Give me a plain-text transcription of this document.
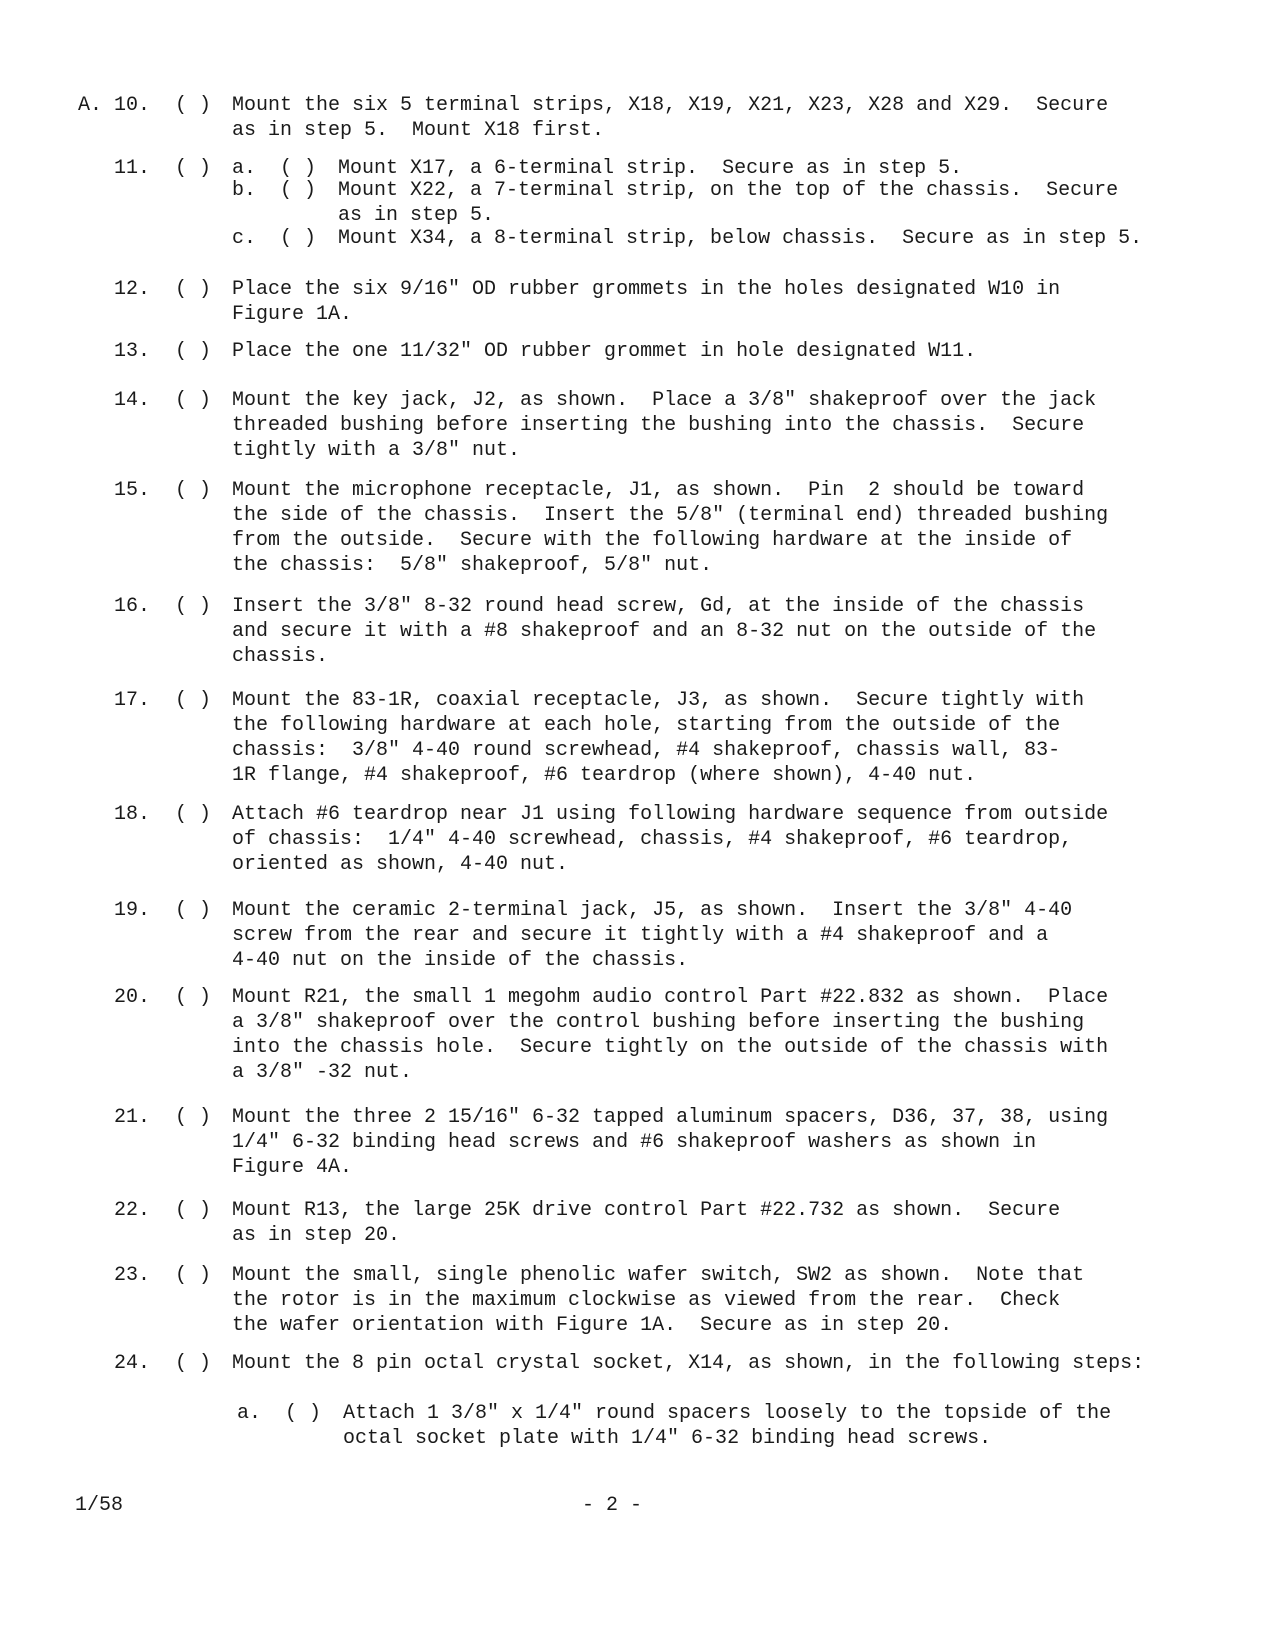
A. 10. ( ) Mount the six 5 terminal strips, X18, X19, X21, X23, X28 and X29.  Secure
as in step 5.  Mount X18 first.
11. ( ) a. ( ) Mount X17, a 6-terminal strip.  Secure as in step 5.
b. ( ) Mount X22, a 7-terminal strip, on the top of the chassis.  Secure
as in step 5.
c. ( ) Mount X34, a 8-terminal strip, below chassis.  Secure as in step 5.
12. ( ) Place the six 9/16" OD rubber grommets in the holes designated W10 in
Figure 1A.
13. ( ) Place the one 11/32" OD rubber grommet in hole designated W11.
14. ( ) Mount the key jack, J2, as shown.  Place a 3/8" shakeproof over the jack
threaded bushing before inserting the bushing into the chassis.  Secure
tightly with a 3/8" nut.
15. ( ) Mount the microphone receptacle, J1, as shown.  Pin  2 should be toward
the side of the chassis.  Insert the 5/8" (terminal end) threaded bushing
from the outside.  Secure with the following hardware at the inside of
the chassis:  5/8" shakeproof, 5/8" nut.
16. ( ) Insert the 3/8" 8-32 round head screw, Gd, at the inside of the chassis
and secure it with a #8 shakeproof and an 8-32 nut on the outside of the
chassis.
17. ( ) Mount the 83-1R, coaxial receptacle, J3, as shown.  Secure tightly with
the following hardware at each hole, starting from the outside of the
chassis:  3/8" 4-40 round screwhead, #4 shakeproof, chassis wall, 83-
1R flange, #4 shakeproof, #6 teardrop (where shown), 4-40 nut.
18. ( ) Attach #6 teardrop near J1 using following hardware sequence from outside
of chassis:  1/4" 4-40 screwhead, chassis, #4 shakeproof, #6 teardrop,
oriented as shown, 4-40 nut.
19. ( ) Mount the ceramic 2-terminal jack, J5, as shown.  Insert the 3/8" 4-40
screw from the rear and secure it tightly with a #4 shakeproof and a
4-40 nut on the inside of the chassis.
20. ( ) Mount R21, the small 1 megohm audio control Part #22.832 as shown.  Place
a 3/8" shakeproof over the control bushing before inserting the bushing
into the chassis hole.  Secure tightly on the outside of the chassis with
a 3/8" -32 nut.
21. ( ) Mount the three 2 15/16" 6-32 tapped aluminum spacers, D36, 37, 38, using
1/4" 6-32 binding head screws and #6 shakeproof washers as shown in
Figure 4A.
22. ( ) Mount R13, the large 25K drive control Part #22.732 as shown.  Secure
as in step 20.
23. ( ) Mount the small, single phenolic wafer switch, SW2 as shown.  Note that
the rotor is in the maximum clockwise as viewed from the rear.  Check
the wafer orientation with Figure 1A.  Secure as in step 20.
24. ( ) Mount the 8 pin octal crystal socket, X14, as shown, in the following steps:
a. ( ) Attach 1 3/8" x 1/4" round spacers loosely to the topside of the
octal socket plate with 1/4" 6-32 binding head screws.
1/58	- 2 -
